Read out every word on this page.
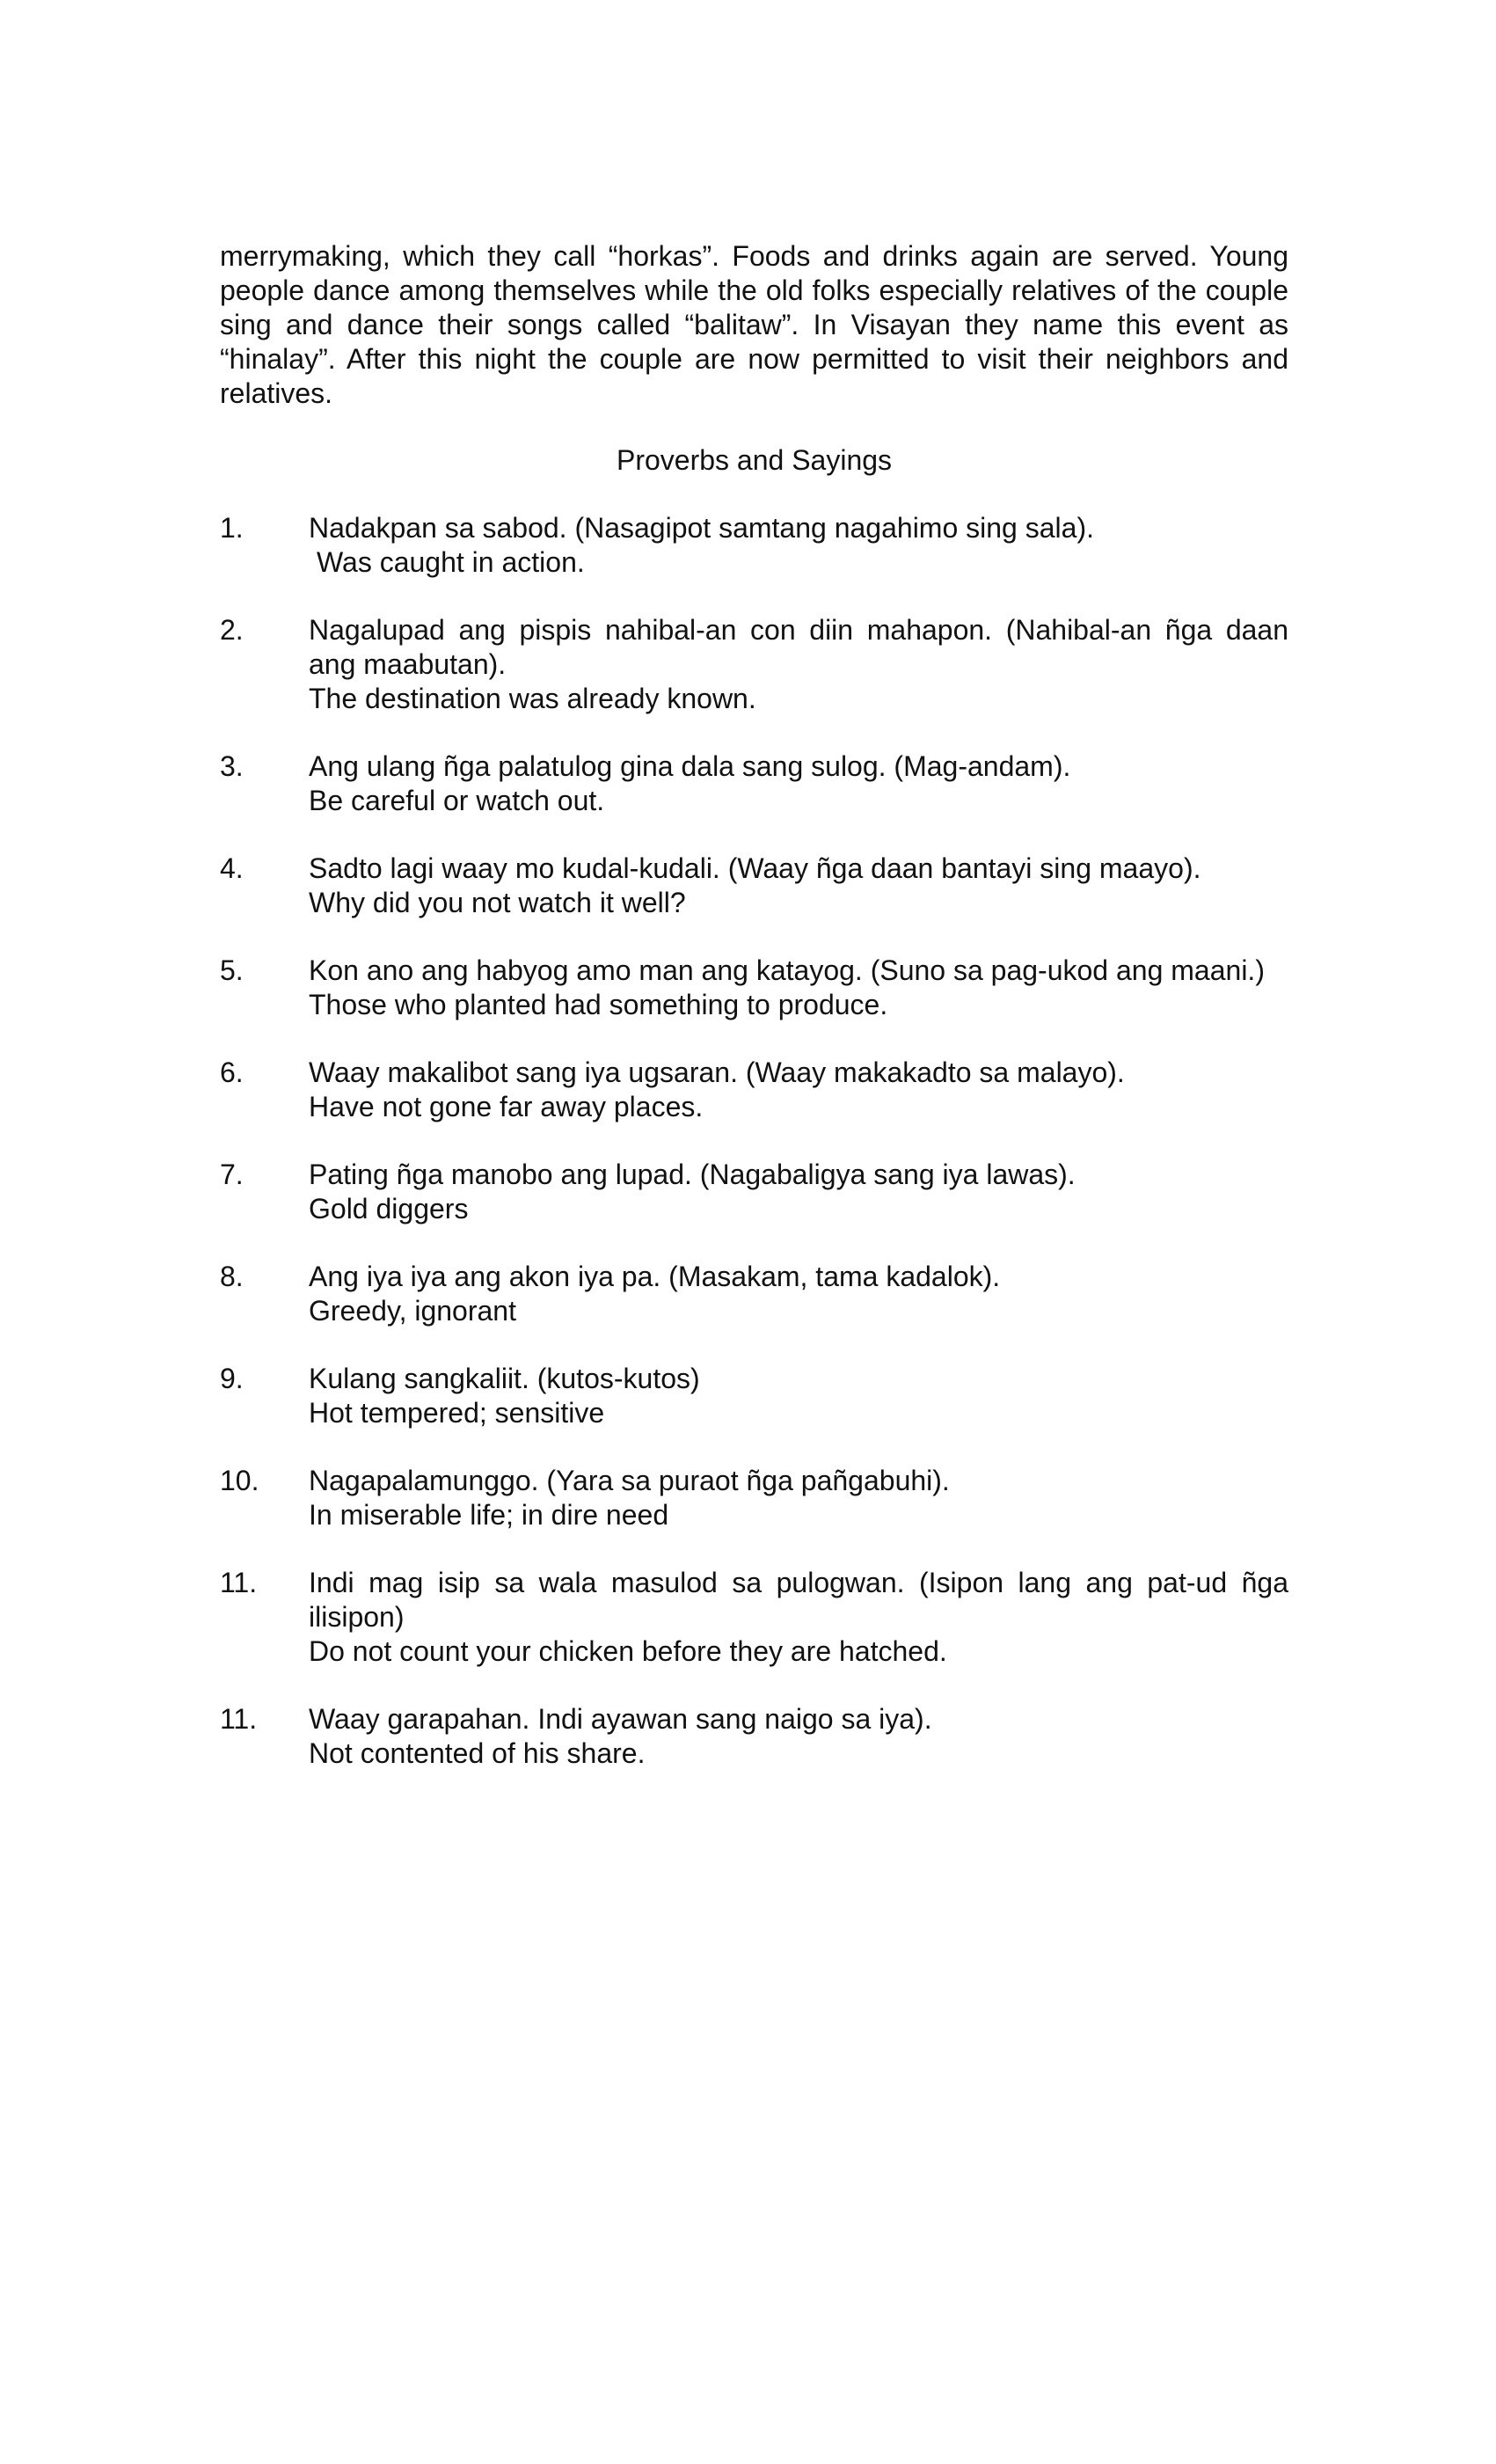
merrymaking, which they call “horkas”. Foods and drinks again are served. Young people dance among themselves while the old folks especially relatives of the couple sing and dance their songs called “balitaw”. In Visayan they name this event as “hinalay”. After this night the couple are now permitted to visit their neighbors and relatives.

Proverbs and Sayings
1. Nadakpan sa sabod. (Nasagipot samtang nagahimo sing sala).
Was caught in action.
2. Nagalupad ang pispis nahibal-an con diin mahapon. (Nahibal-an ñga daan ang maabutan).
The destination was already known.
3. Ang ulang ñga palatulog gina dala sang sulog. (Mag-andam).
Be careful or watch out.
4. Sadto lagi waay mo kudal-kudali. (Waay ñga daan bantayi sing maayo).
Why did you not watch it well?
5. Kon ano ang habyog amo man ang katayog. (Suno sa pag-ukod ang maani.)
Those who planted had something to produce.
6. Waay makalibot sang iya ugsaran. (Waay makakadto sa malayo).
Have not gone far away places.
7. Pating ñga manobo ang lupad. (Nagabaligya sang iya lawas).
Gold diggers
8. Ang iya iya ang akon iya pa. (Masakam, tama kadalok).
Greedy, ignorant
9. Kulang sangkaliit. (kutos-kutos)
Hot tempered; sensitive
10. Nagapalamunggo. (Yara sa puraot ñga pañgabuhi).
In miserable life; in dire need
11. Indi mag isip sa wala masulod sa pulogwan. (Isipon lang ang pat-ud ñga ilisipon)
Do not count your chicken before they are hatched.
11. Waay garapahan. Indi ayawan sang naigo sa iya).
Not contented of his share.
